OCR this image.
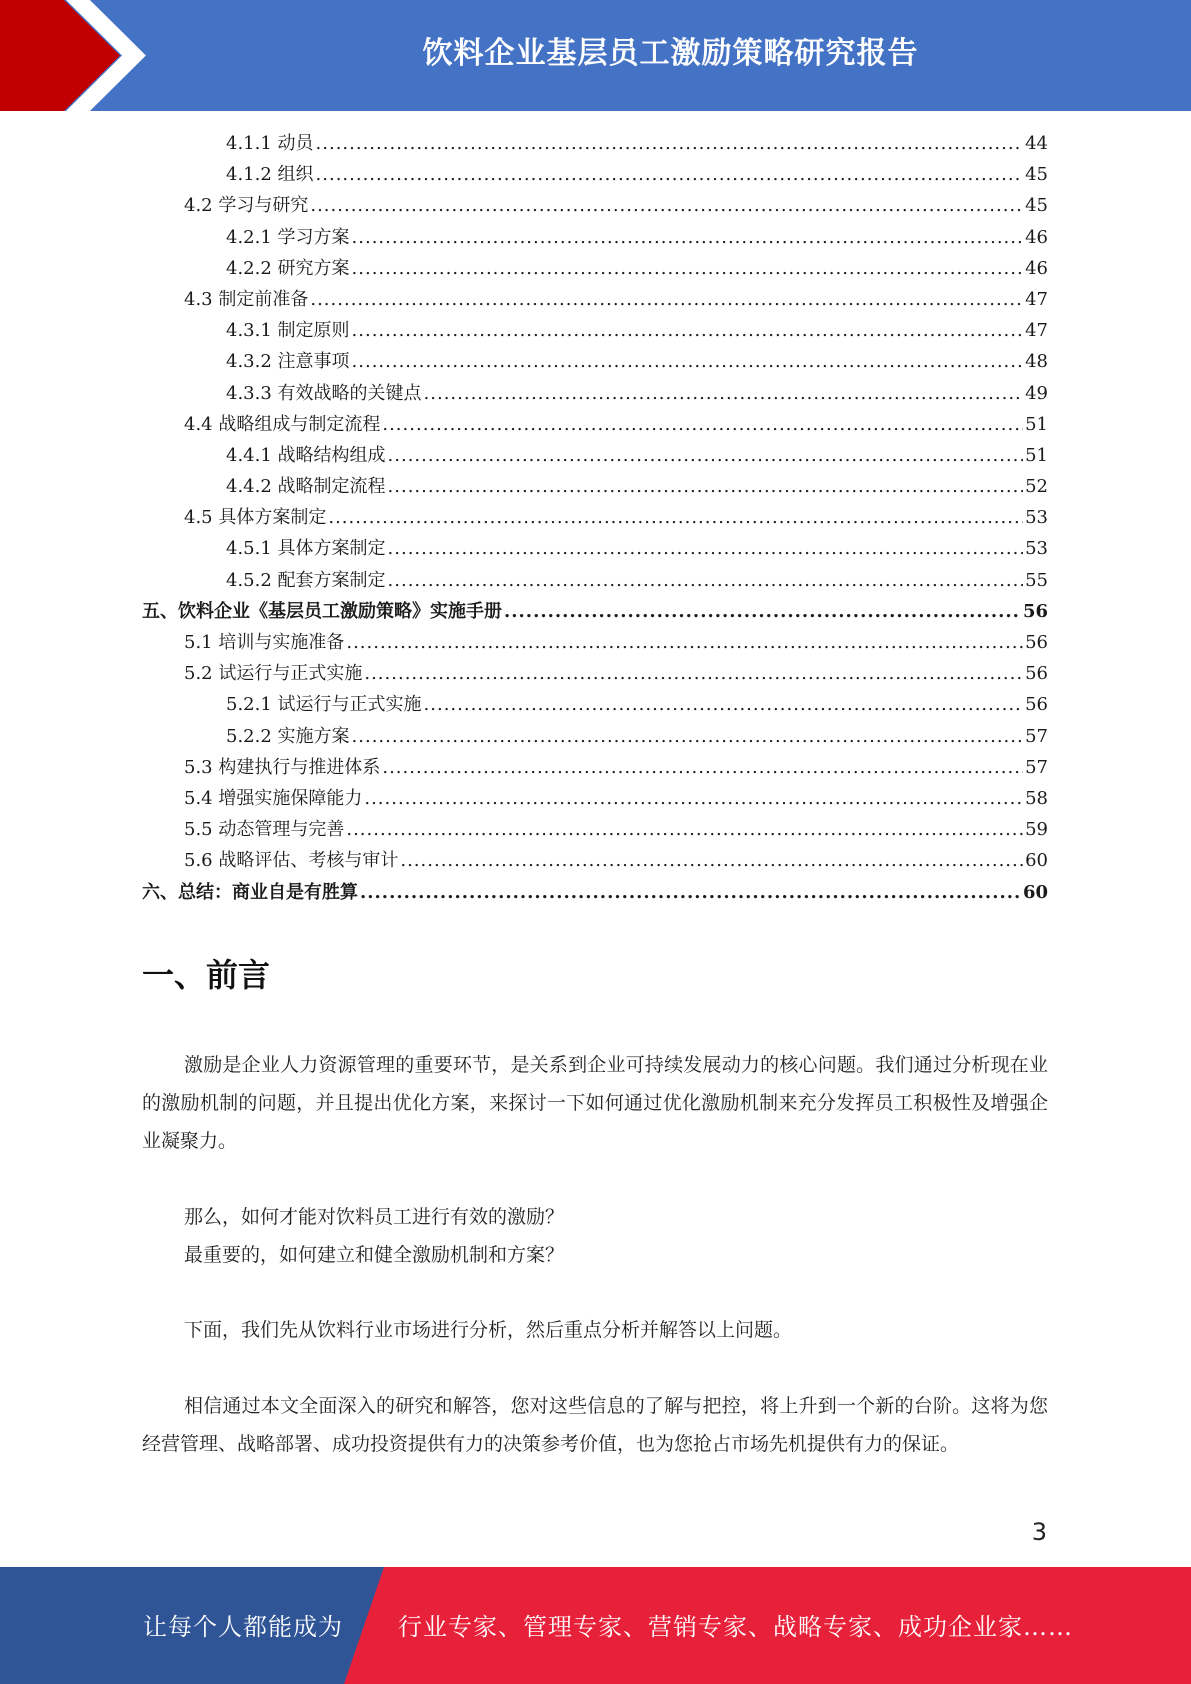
饮料企业基层员工激励策略研究报告
4.1.1 动员 .....	44
4.1.2 组织 .....	45
4.2 学习与研究 .....	45
4.2.1 学习方案 .....	46
4.2.2 研究方案 .....	46
4.3 制定前准备 .....	47
4.3.1 制定原则 .....	47
4.3.2 注意事项 .....	48
4.3.3 有效战略的关键点 .....	49
4.4 战略组成与制定流程 .....	51
4.4.1 战略结构组成 .....	51
4.4.2 战略制定流程 .....	52
4.5 具体方案制定 .....	53
4.5.1 具体方案制定 .....	53
4.5.2 配套方案制定 .....	55
五、饮料企业《基层员工激励策略》实施手册 .....	56
5.1 培训与实施准备 .....	56
5.2 试运行与正式实施 .....	56
5.2.1 试运行与正式实施 .....	56
5.2.2 实施方案 .....	57
5.3 构建执行与推进体系 .....	57
5.4 增强实施保障能力 .....	58
5.5 动态管理与完善 .....	59
5.6 战略评估、考核与审计 .....	60
六、总结：商业自是有胜算 .....	60
一、前言
激励是企业人力资源管理的重要环节，是关系到企业可持续发展动力的核心问题。我们通过分析现在业的激励机制的问题，并且提出优化方案，来探讨一下如何通过优化激励机制来充分发挥员工积极性及增强企业凝聚力。
那么，如何才能对饮料员工进行有效的激励？
最重要的，如何建立和健全激励机制和方案？
下面，我们先从饮料行业市场进行分析，然后重点分析并解答以上问题。
相信通过本文全面深入的研究和解答，您对这些信息的了解与把控，将上升到一个新的台阶。这将为您经营管理、战略部署、成功投资提供有力的决策参考价值，也为您抢占市场先机提供有力的保证。
3
让每个人都能成为 行业专家、管理专家、营销专家、战略专家、成功企业家……
